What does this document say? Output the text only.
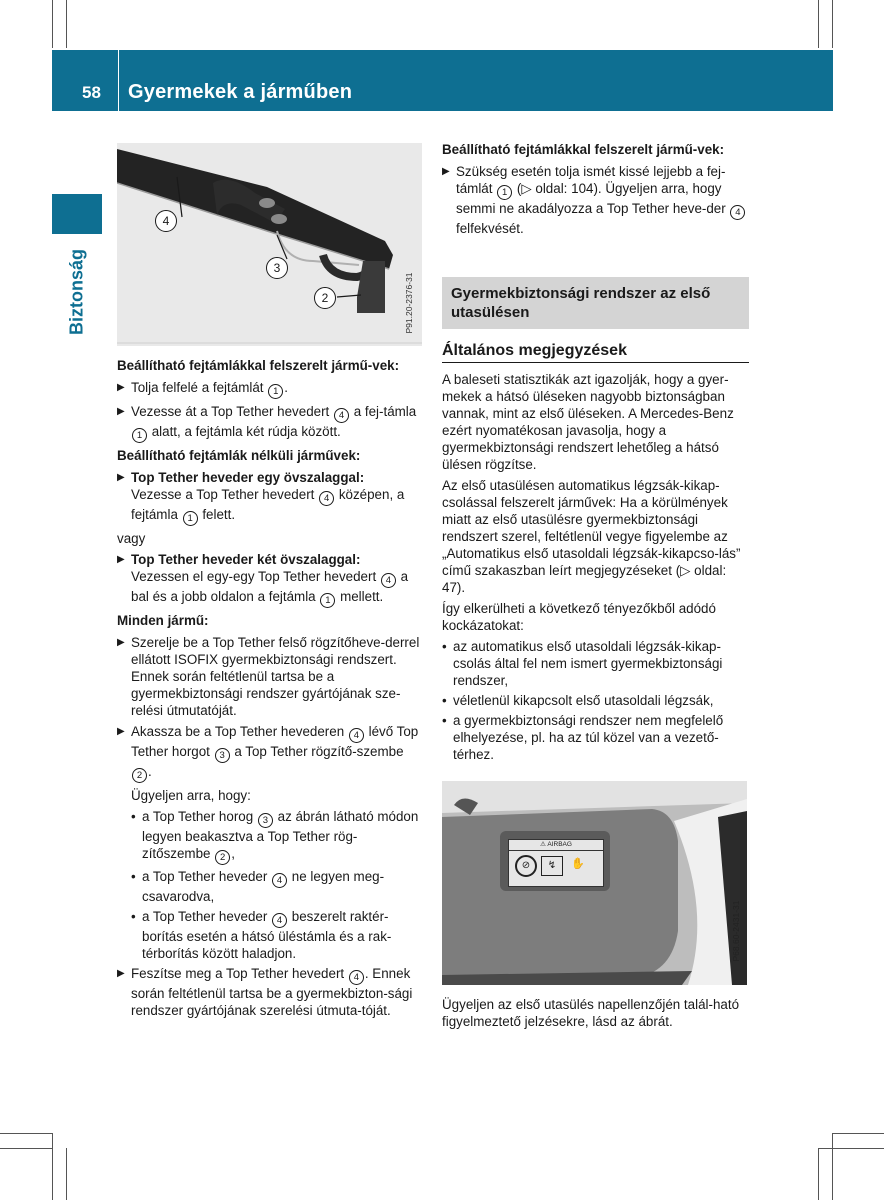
58 Gyermekek a járműben
Biztonság
4
3
2	P91.20-2376-31

Beállítható fejtámlákkal felszerelt jármű-vek:

▶ Tolja felfelé a fejtámlát 1 .
▶ Vezesse át a Top Tether hevedert 4 a fej-támla 1 alatt, a fejtámla két rúdja között.

Beállítható fejtámlák nélküli járművek:

▶ Top Tether heveder egy övszalaggal:
Vezesse a Top Tether hevedert 4 középen, a fejtámla 1 felett.

vagy

▶ Top Tether heveder két övszalaggal:
Vezessen el egy-egy Top Tether hevedert 4 a bal és a jobb oldalon a fejtámla 1 mellett.

Minden jármű:

▶ Szerelje be a Top Tether felső rögzítőheve-derrel ellátott ISOFIX gyermekbiztonsági rendszert. Ennek során feltétlenül tartsa be a gyermekbiztonsági rendszer gyártójának sze-relési útmutatóját.
▶ Akassza be a Top Tether hevederen 4 lévő Top Tether horgot 3 a Top Tether rögzítő-szembe 2 .

Ügyeljen arra, hogy:

• a Top Tether horog 3 az ábrán látható módon legyen beakasztva a Top Tether rög-zítőszembe 2 ,
• a Top Tether heveder 4 ne legyen meg-csavarodva,
• a Top Tether heveder 4 beszerelt raktér-borítás esetén a hátsó üléstámla és a rak-térborítás között haladjon.
▶ Feszítse meg a Top Tether hevedert 4 . Ennek során feltétlenül tartsa be a gyermekbizton-sági rendszer gyártójának szerelési útmuta-tóját.

Beállítható fejtámlákkal felszerelt jármű-vek:

▶ Szükség esetén tolja ismét kissé lejjebb a fej-támlát 1 (▷ oldal: 104). Ügyeljen arra, hogy semmi ne akadályozza a Top Tether heve-der 4 felfekvését.
Gyermekbiztonsági rendszer az első utasülésen
Általános megjegyzések

A baleseti statisztikák azt igazolják, hogy a gyer-mekek a hátsó üléseken nagyobb biztonságban vannak, mint az első üléseken. A Mercedes-Benz ezért nyomatékosan javasolja, hogy a gyermekbiztonsági rendszert lehetőleg a hátsó ülésen rögzítse.

Az első utasülésen automatikus légzsák-kikap-csolással felszerelt járművek: Ha a körülmények miatt az első utasülésre gyermekbiztonsági rendszert szerel, feltétlenül vegye figyelembe az „Automatikus első utasoldali légzsák-kikapcso-lás” című szakaszban leírt megjegyzéseket (▷ oldal: 47).

Így elkerülheti a következő tényezőkből adódó kockázatokat:

• az automatikus első utasoldali légzsák-kikap-csolás által fel nem ismert gyermekbiztonsági rendszer,
• véletlenül kikapcsolt első utasoldali légzsák,
• a gyermekbiztonsági rendszer nem megfelelő elhelyezése, pl. ha az túl közel van a vezető-térhez.
⚠ AIRBAG
⊘	↯	✋
P68.60-2431-31

Ügyeljen az első utasülés napellenzőjén talál-ható figyelmeztető jelzésekre, lásd az ábrát.
